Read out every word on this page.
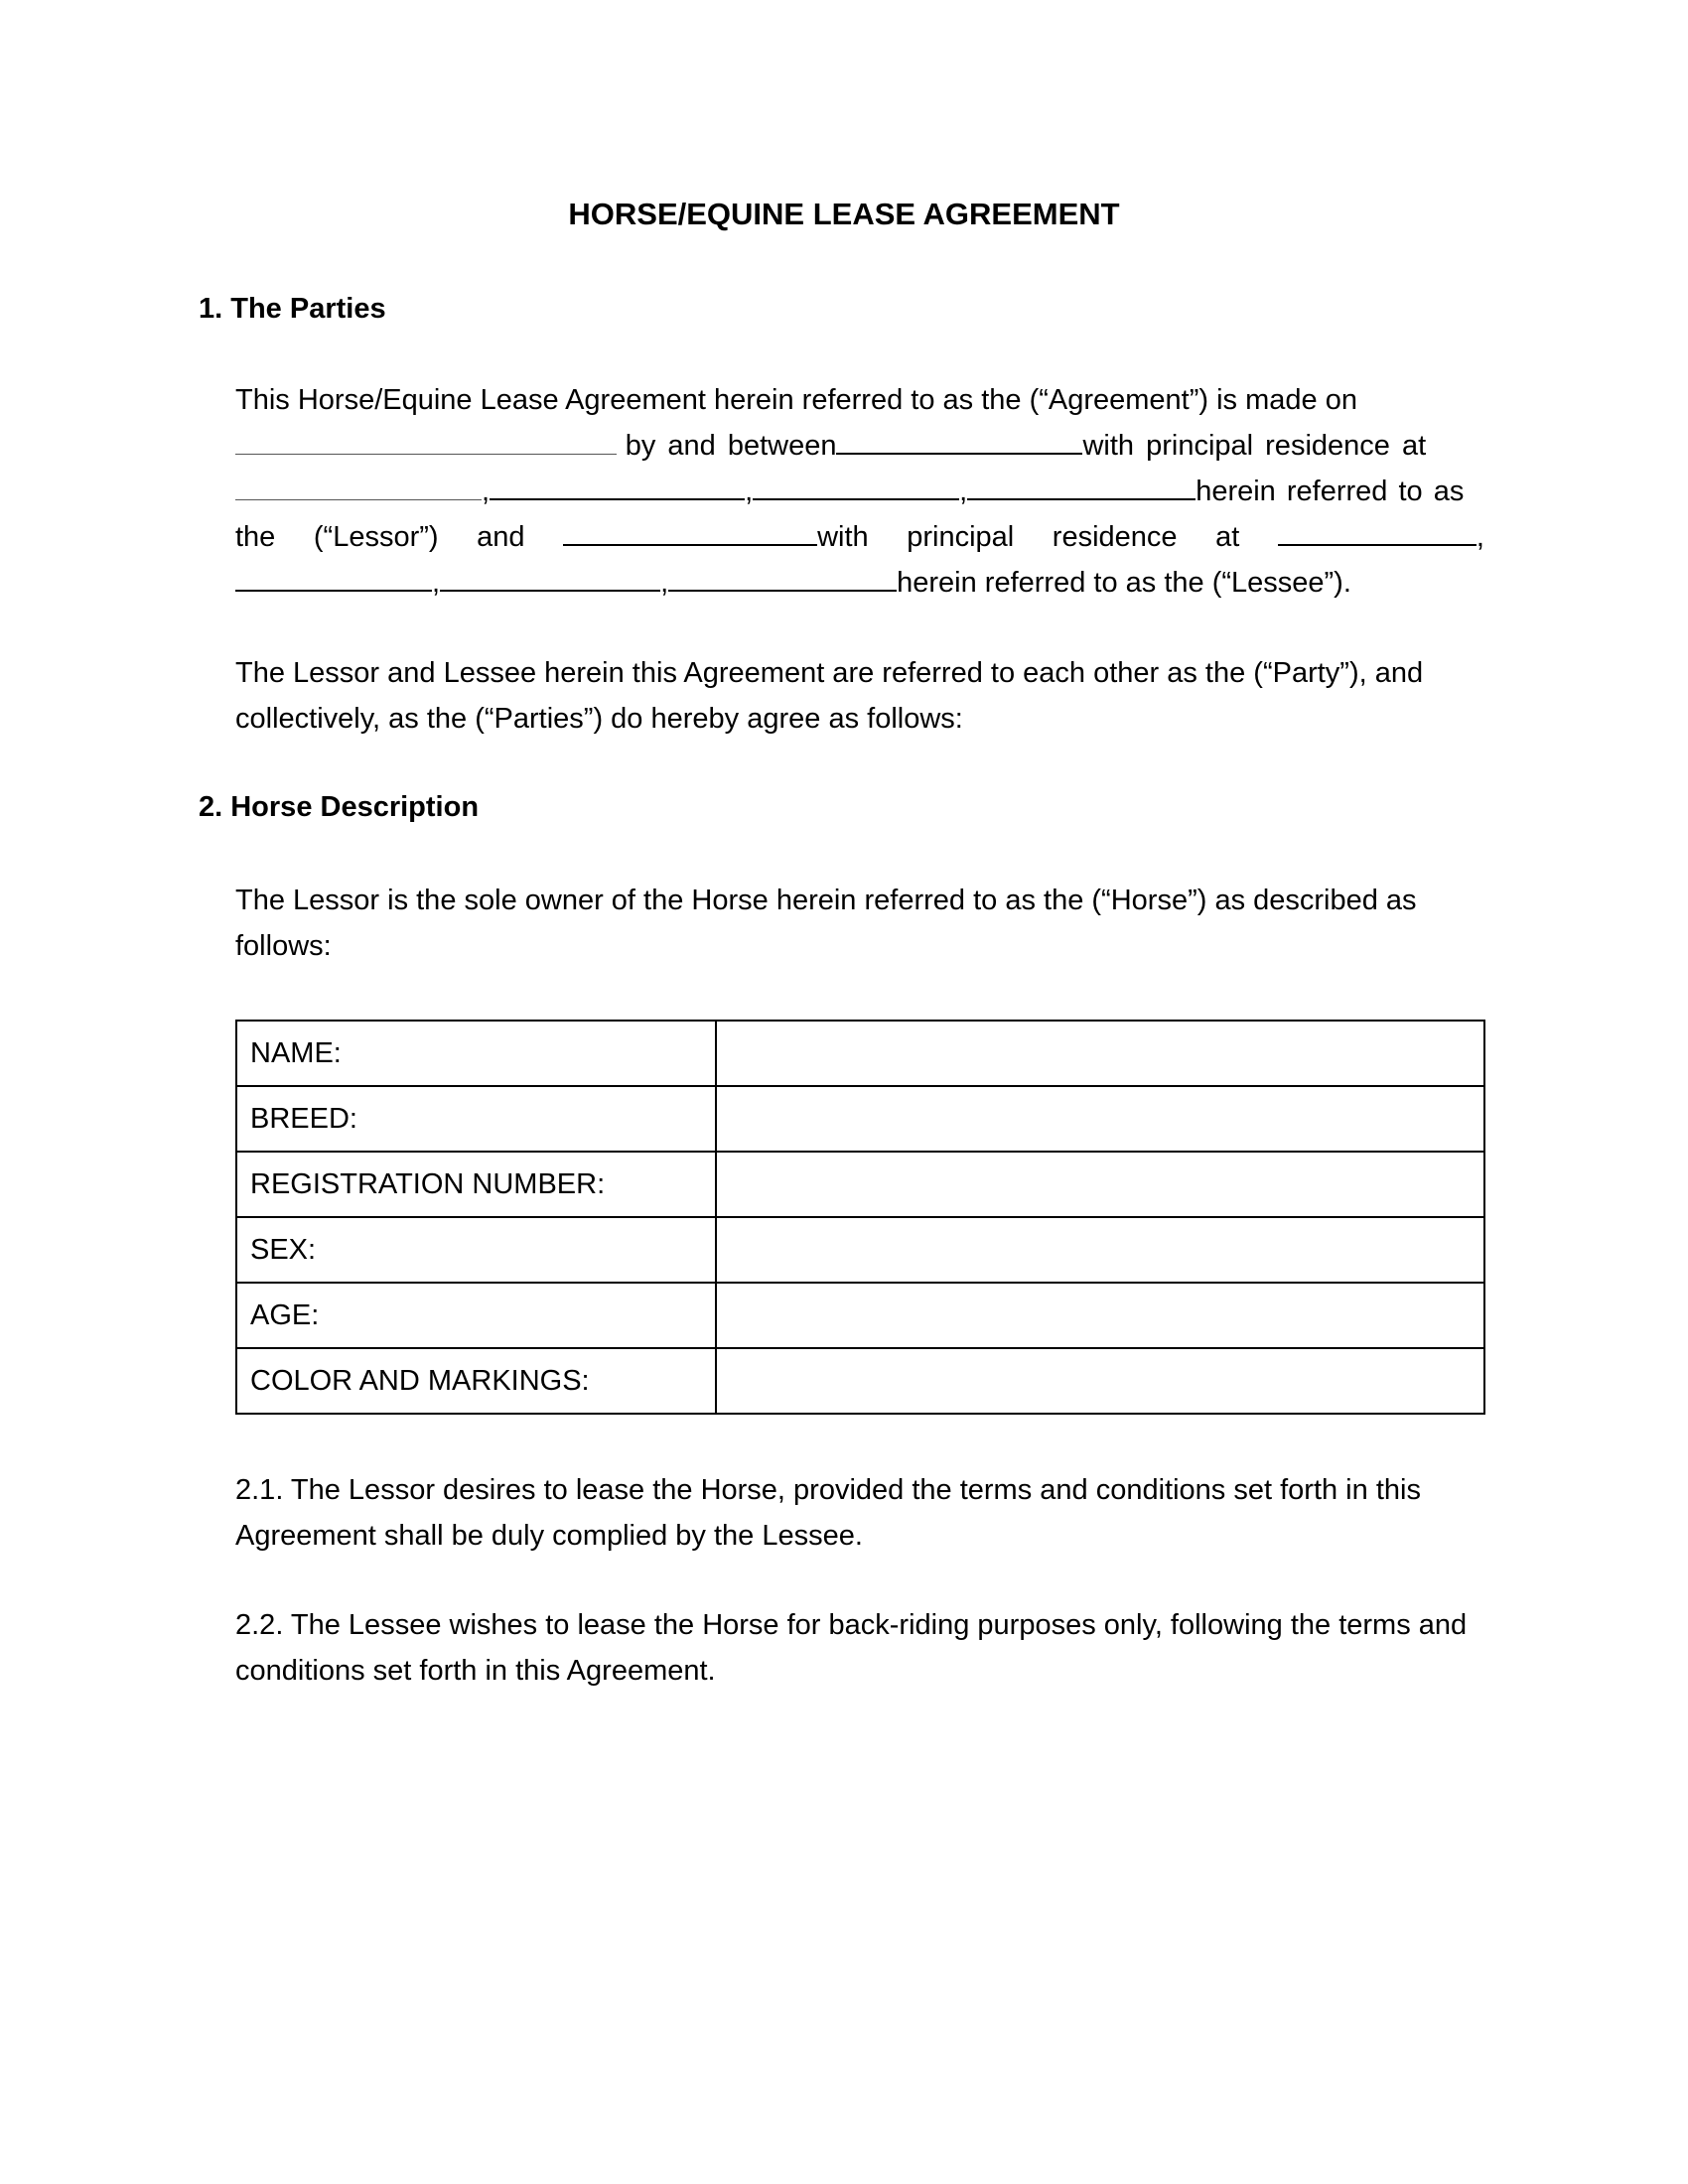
HORSE/EQUINE LEASE AGREEMENT
1. The Parties
This Horse/Equine Lease Agreement herein referred to as the (“Agreement”) is made on
by and between	with principal residence at
,	,	,	herein referred to as
the (“Lessor”) and	with principal residence at	,
,	,	herein referred to as the (“Lessee”).
The Lessor and Lessee herein this Agreement are referred to each other as the (“Party”), and collectively, as the (“Parties”) do hereby agree as follows:
2. Horse Description
The Lessor is the sole owner of the Horse herein referred to as the (“Horse”) as described as follows:
NAME:	
BREED:	
REGISTRATION NUMBER:	
SEX:	
AGE:	
COLOR AND MARKINGS:	
2.1. The Lessor desires to lease the Horse, provided the terms and conditions set forth in this Agreement shall be duly complied by the Lessee.
2.2. The Lessee wishes to lease the Horse for back-riding purposes only, following the terms and conditions set forth in this Agreement.
